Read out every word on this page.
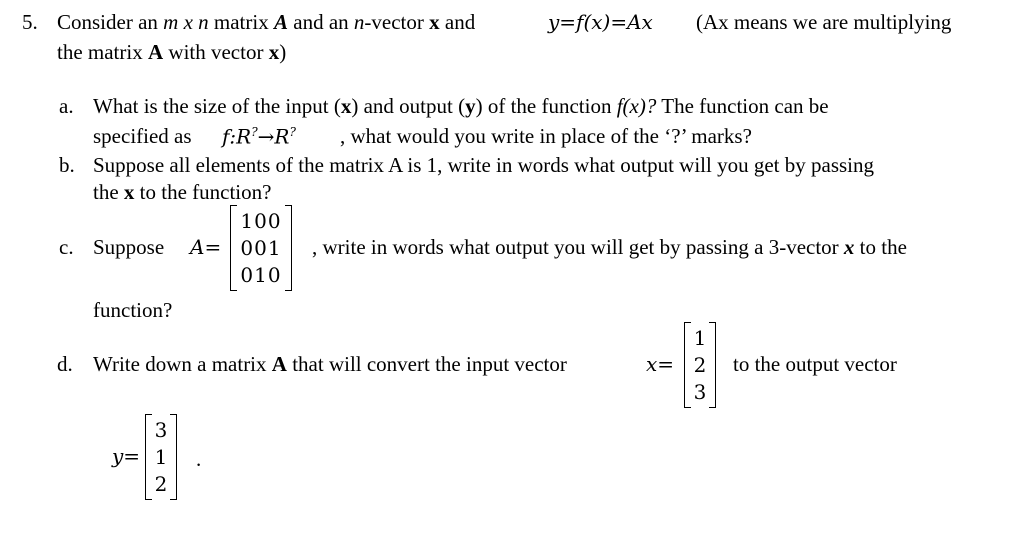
5. Consider an m x n matrix A and an n-vector x and	y=f(x)=Ax (Ax means we are multiplying
the matrix A with vector x)
a. What is the size of the input (x) and output (y) of the function f(x)? The function can be
specified as f:R?→R? , what would you write in place of the ‘?’ marks?
b. Suppose all elements of the matrix A is 1, write in words what output will you get by passing
the x to the function?
c. Suppose A=
100
001
010
, write in words what output you will get by passing a 3-vector x to the
function?
d. Write down a matrix A that will convert the input vector	x=
1
2
3
to the output vector
y=
3
1
2
.
